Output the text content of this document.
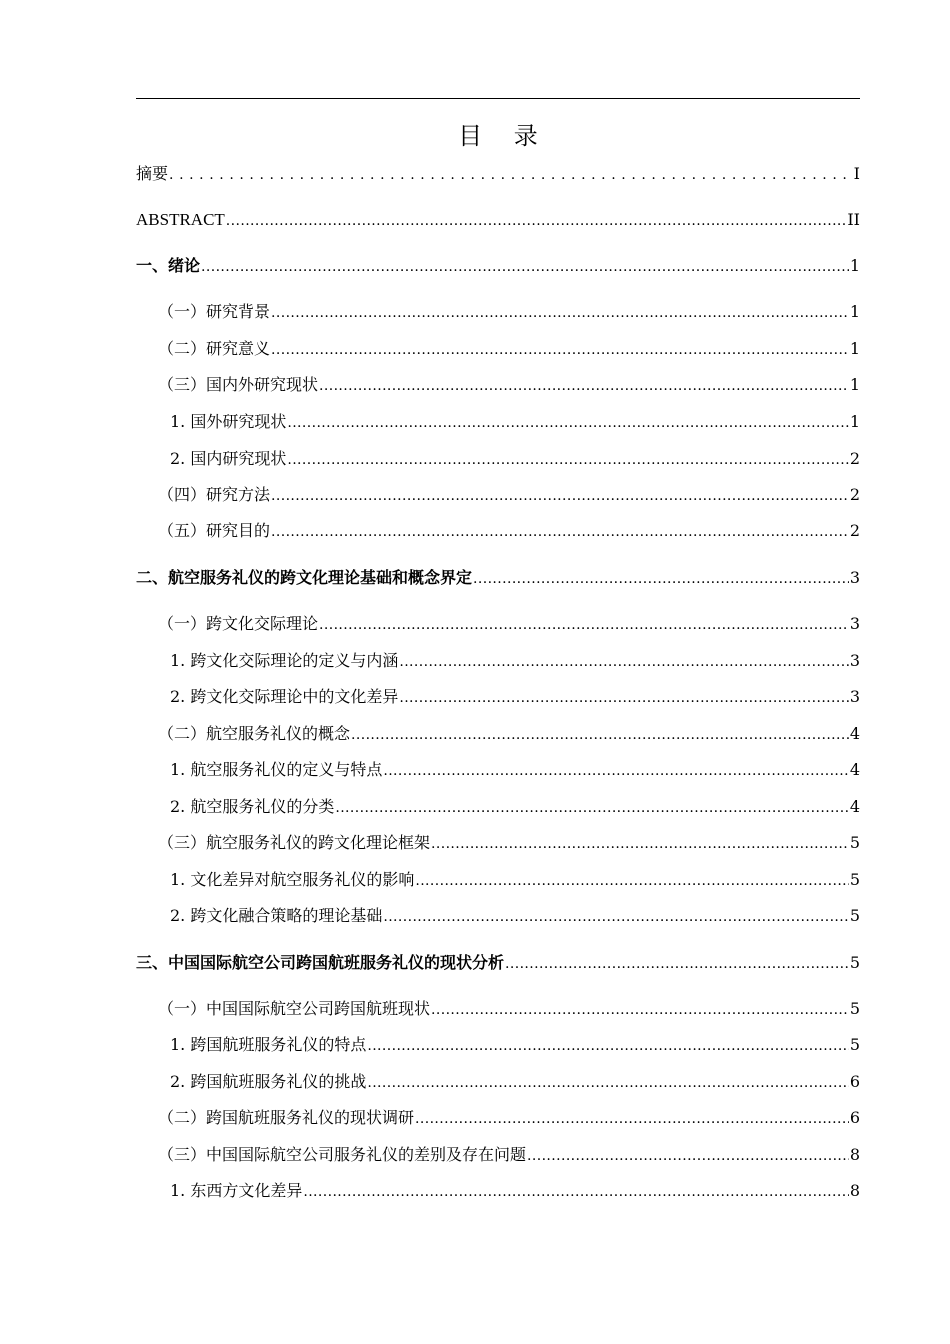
目 录
摘要 .....	Ⅰ
ABSTRACT .....	II
一、绪论 .....	1
（一）研究背景 .....	1
（二）研究意义 .....	1
（三）国内外研究现状 .....	1
1. 国外研究现状 .....	1
2. 国内研究现状 .....	2
（四）研究方法 .....	2
（五）研究目的 .....	2
二、航空服务礼仪的跨文化理论基础和概念界定 .....	3
（一）跨文化交际理论 .....	3
1. 跨文化交际理论的定义与内涵 .....	3
2. 跨文化交际理论中的文化差异 .....	3
（二）航空服务礼仪的概念 .....	4
1. 航空服务礼仪的定义与特点 .....	4
2. 航空服务礼仪的分类 .....	4
（三）航空服务礼仪的跨文化理论框架 .....	5
1. 文化差异对航空服务礼仪的影响 .....	5
2. 跨文化融合策略的理论基础 .....	5
三、中国国际航空公司跨国航班服务礼仪的现状分析 .....	5
（一）中国国际航空公司跨国航班现状 .....	5
1. 跨国航班服务礼仪的特点 .....	5
2. 跨国航班服务礼仪的挑战 .....	6
（二）跨国航班服务礼仪的现状调研 .....	6
（三）中国国际航空公司服务礼仪的差别及存在问题 .....	8
1. 东西方文化差异 .....	8
